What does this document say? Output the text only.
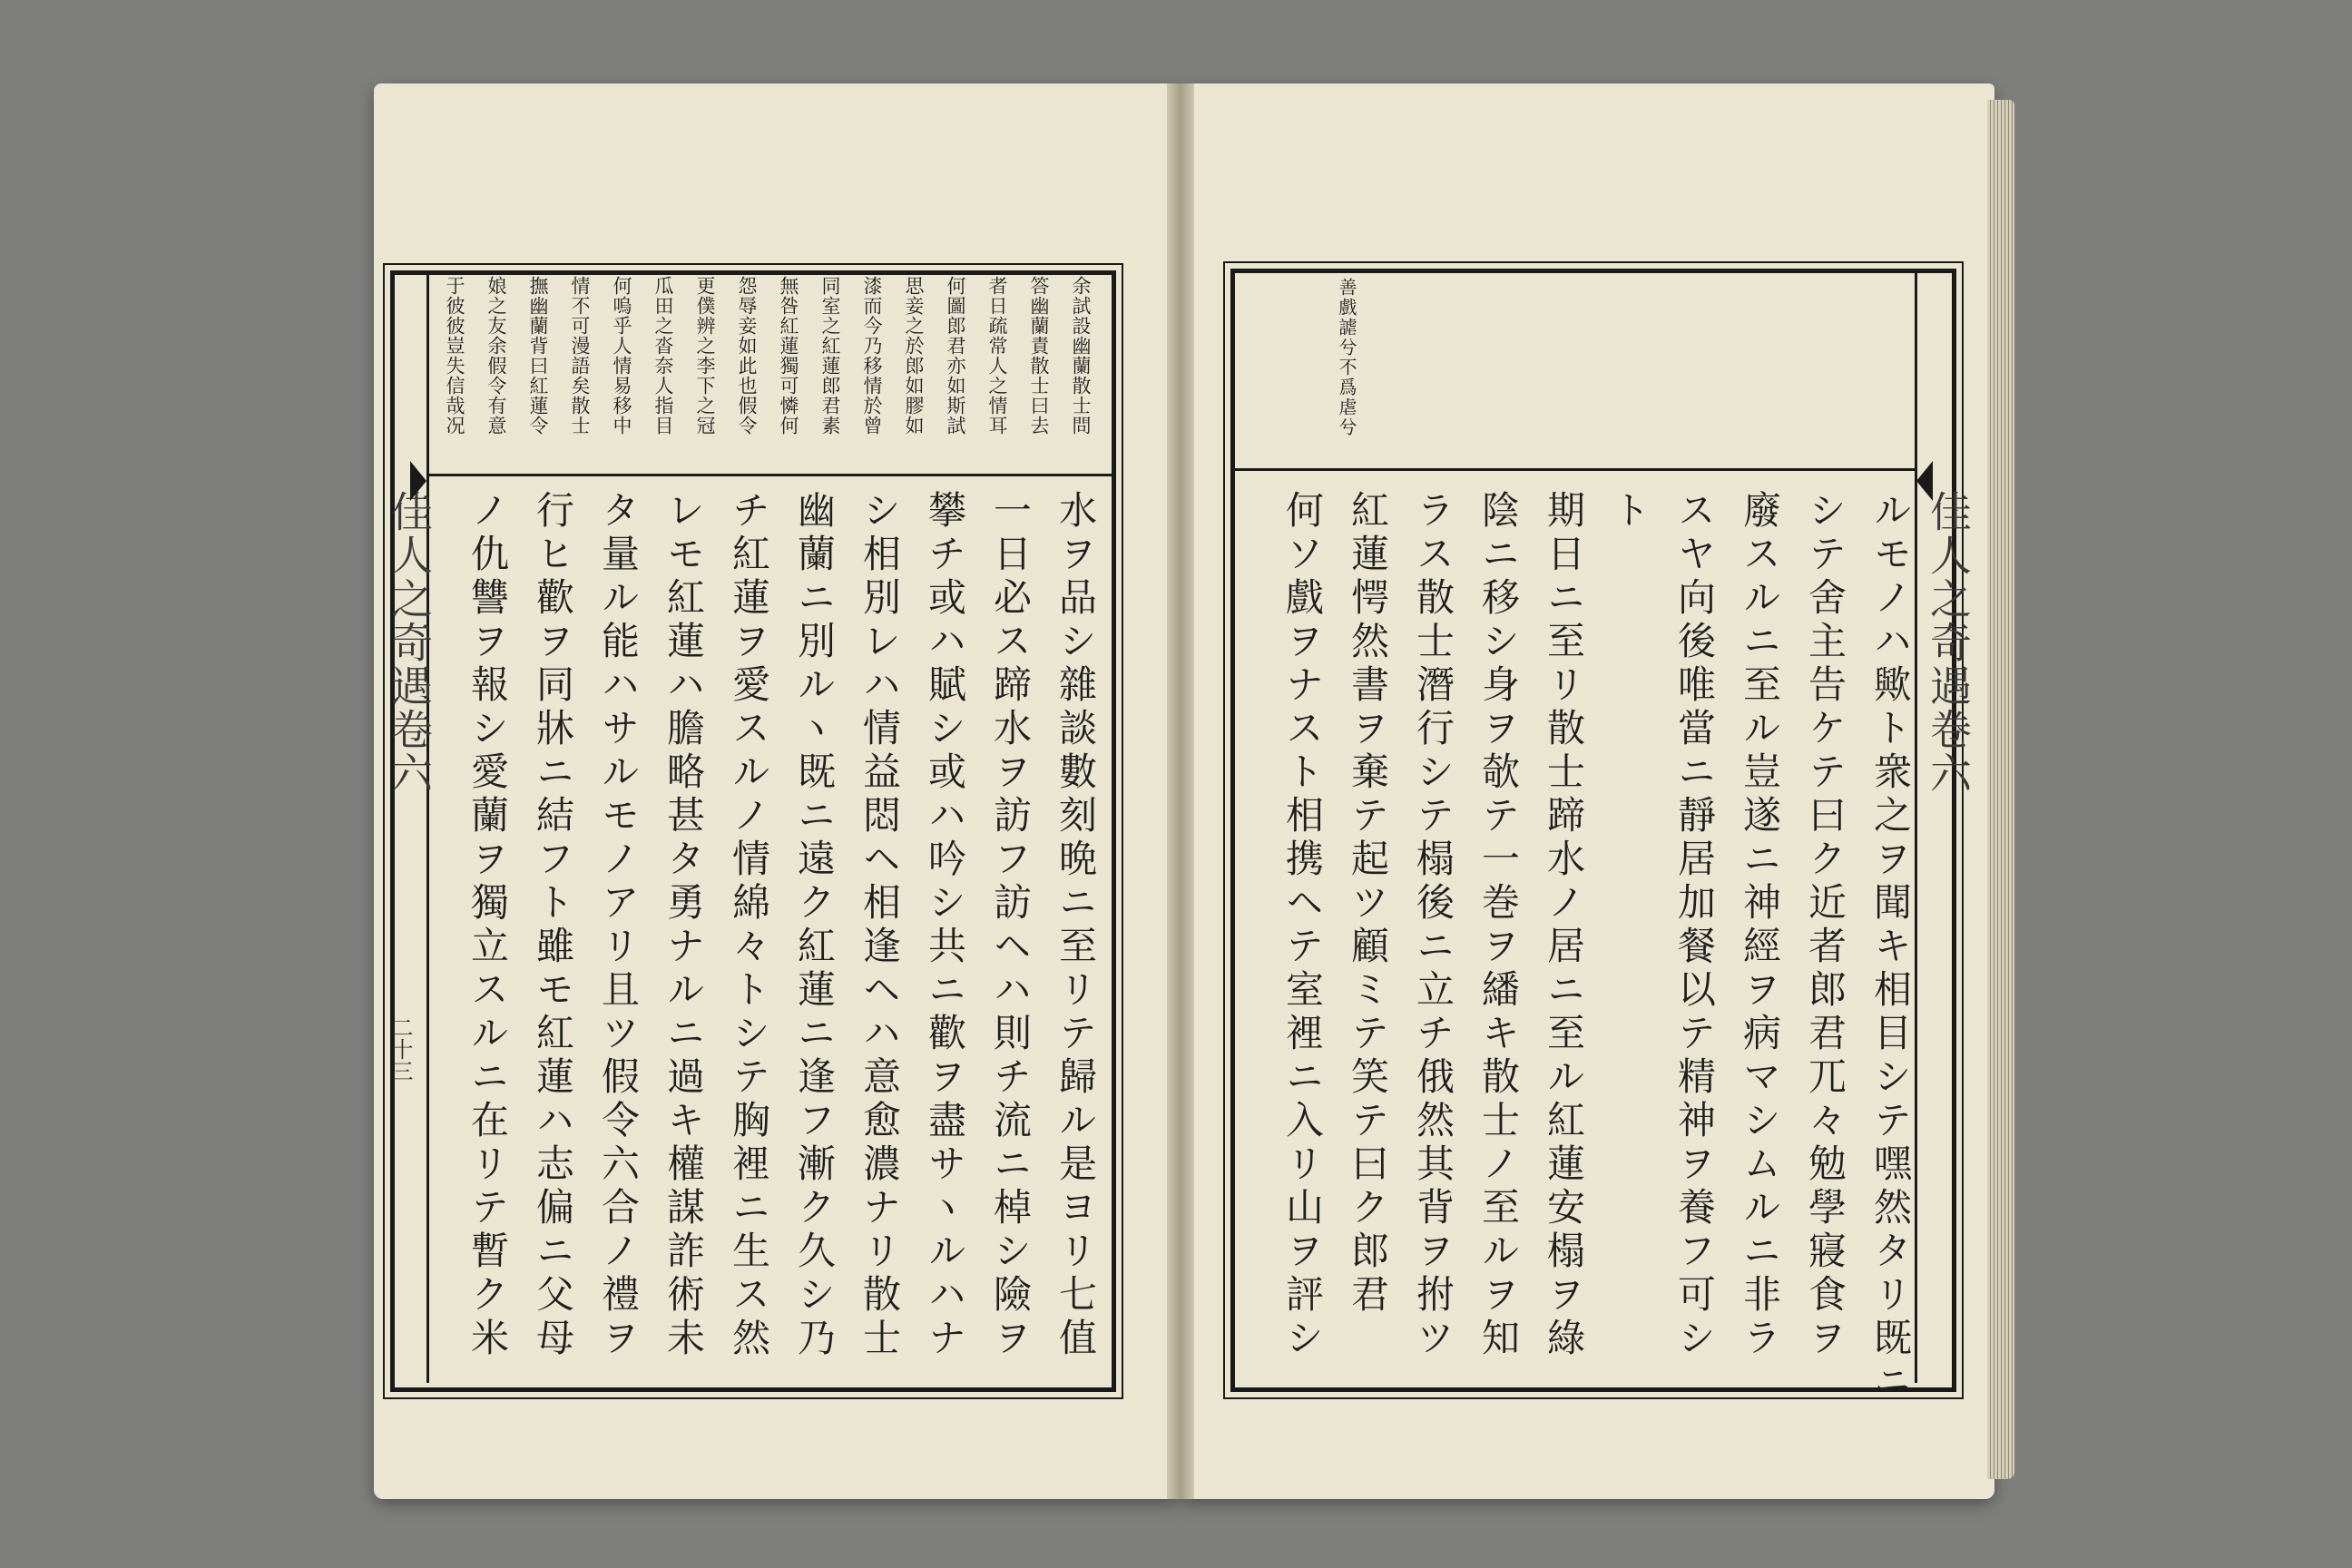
佳人之奇遇卷六
二十三
余試設幽蘭散士問
答幽蘭責散士曰去
者日疏常人之情耳
何圖郎君亦如斯試
思妾之於郎如膠如
漆而今乃移情於曾
同室之紅蓮郎君素
無咎紅蓮獨可憐何
怨辱妾如此也假令
更僕辨之李下之冠
瓜田之沓奈人指目
何嗚乎人情易移中
情不可漫語矣散士
撫幽蘭背曰紅蓮令
娘之友余假令有意
于彼彼豈失信哉况
水ヲ品シ雜談數刻晩ニ至リテ歸ル是ヨリ七值
一日必ス蹄水ヲ訪フ訪ヘハ則チ流ニ棹シ險ヲ
攀チ或ハ賦シ或ハ吟シ共ニ歡ヲ盡サヽルハナ
シ相別レハ情益悶ヘ相逢ヘハ意愈濃ナリ散士
幽蘭ニ別ルヽ既ニ遠ク紅蓮ニ逢フ漸ク久シ乃
チ紅蓮ヲ愛スルノ情綿々トシテ胸裡ニ生ス然
レモ紅蓮ハ膽略甚タ勇ナルニ過キ權謀詐術未
タ量ル能ハサルモノアリ且ツ假令六合ノ禮ヲ
行ヒ歡ヲ同牀ニ結フト雖モ紅蓮ハ志偏ニ父母
ノ仇讐ヲ報シ愛蘭ヲ獨立スルニ在リテ暫ク米
善戲謔兮不爲虐兮
佳人之奇遇卷六
ルモノハ歟ト衆之ヲ聞キ相目シテ嘿然タリ既ニ
シテ舍主告ケテ曰ク近者郎君兀々勉學寢食ヲ
廢スルニ至ル豈遂ニ神經ヲ病マシムルニ非ラ
スヤ向後唯當ニ靜居加餐以テ精神ヲ養フ可シ
ト
期日ニ至リ散士蹄水ノ居ニ至ル紅蓮安榻ヲ綠
陰ニ移シ身ヲ欹テ一巻ヲ繙キ散士ノ至ルヲ知
ラス散士潛行シテ榻後ニ立チ俄然其背ヲ拊ツ
紅蓮愕然書ヲ棄テ起ツ顧ミテ笑テ曰ク郎君
何ソ戲ヲナスト相携ヘテ室裡ニ入リ山ヲ評シ
